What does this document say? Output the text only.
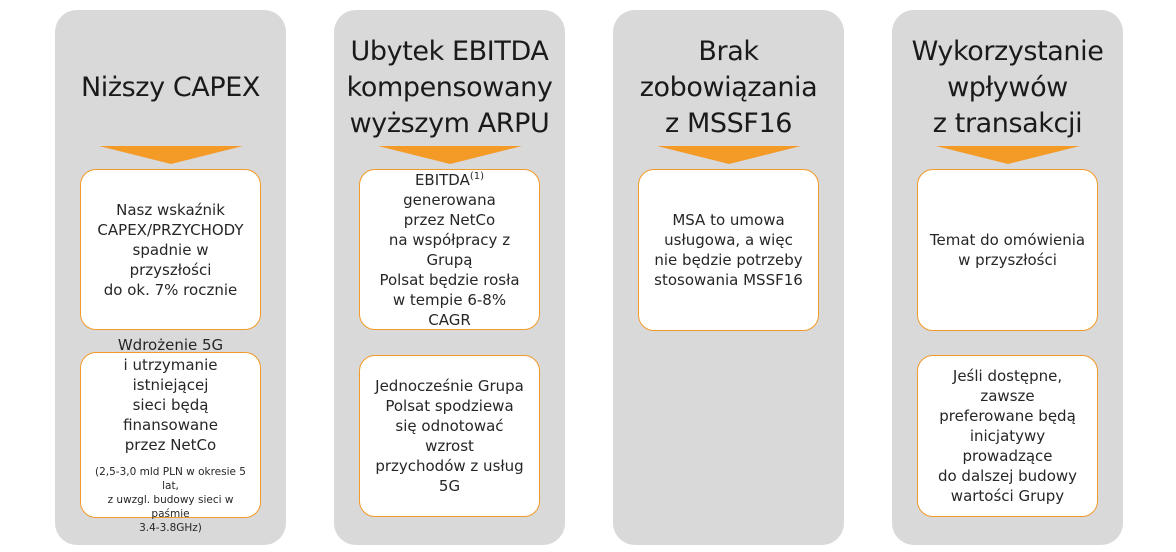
Niższy CAPEX
Nasz wskaźnik
CAPEX/PRZYCHODY
spadnie w przyszłości
do ok. 7% rocznie
Wdrożenie 5G
i utrzymanie istniejącej
sieci będą finansowane
przez NetCo
(2,5-3,0 mld PLN w okresie 5 lat,
z uwzgl. budowy sieci w paśmie
3.4-3.8GHz)
Ubytek EBITDA
kompensowany
wyższym ARPU
EBITDA$^{(1)}$ generowana
przez NetCo
na współpracy z Grupą
Polsat będzie rosła
w tempie 6-8% CAGR
Jednocześnie Grupa
Polsat spodziewa
się odnotować wzrost
przychodów z usług 5G
Brak zobowiązania
z MSSF16
MSA to umowa
usługowa, a więc
nie będzie potrzeby
stosowania MSSF16
Wykorzystanie
wpływów
z transakcji
Temat do omówienia
w przyszłości
Jeśli dostępne, zawsze
preferowane będą
inicjatywy prowadzące
do dalszej budowy
wartości Grupy
